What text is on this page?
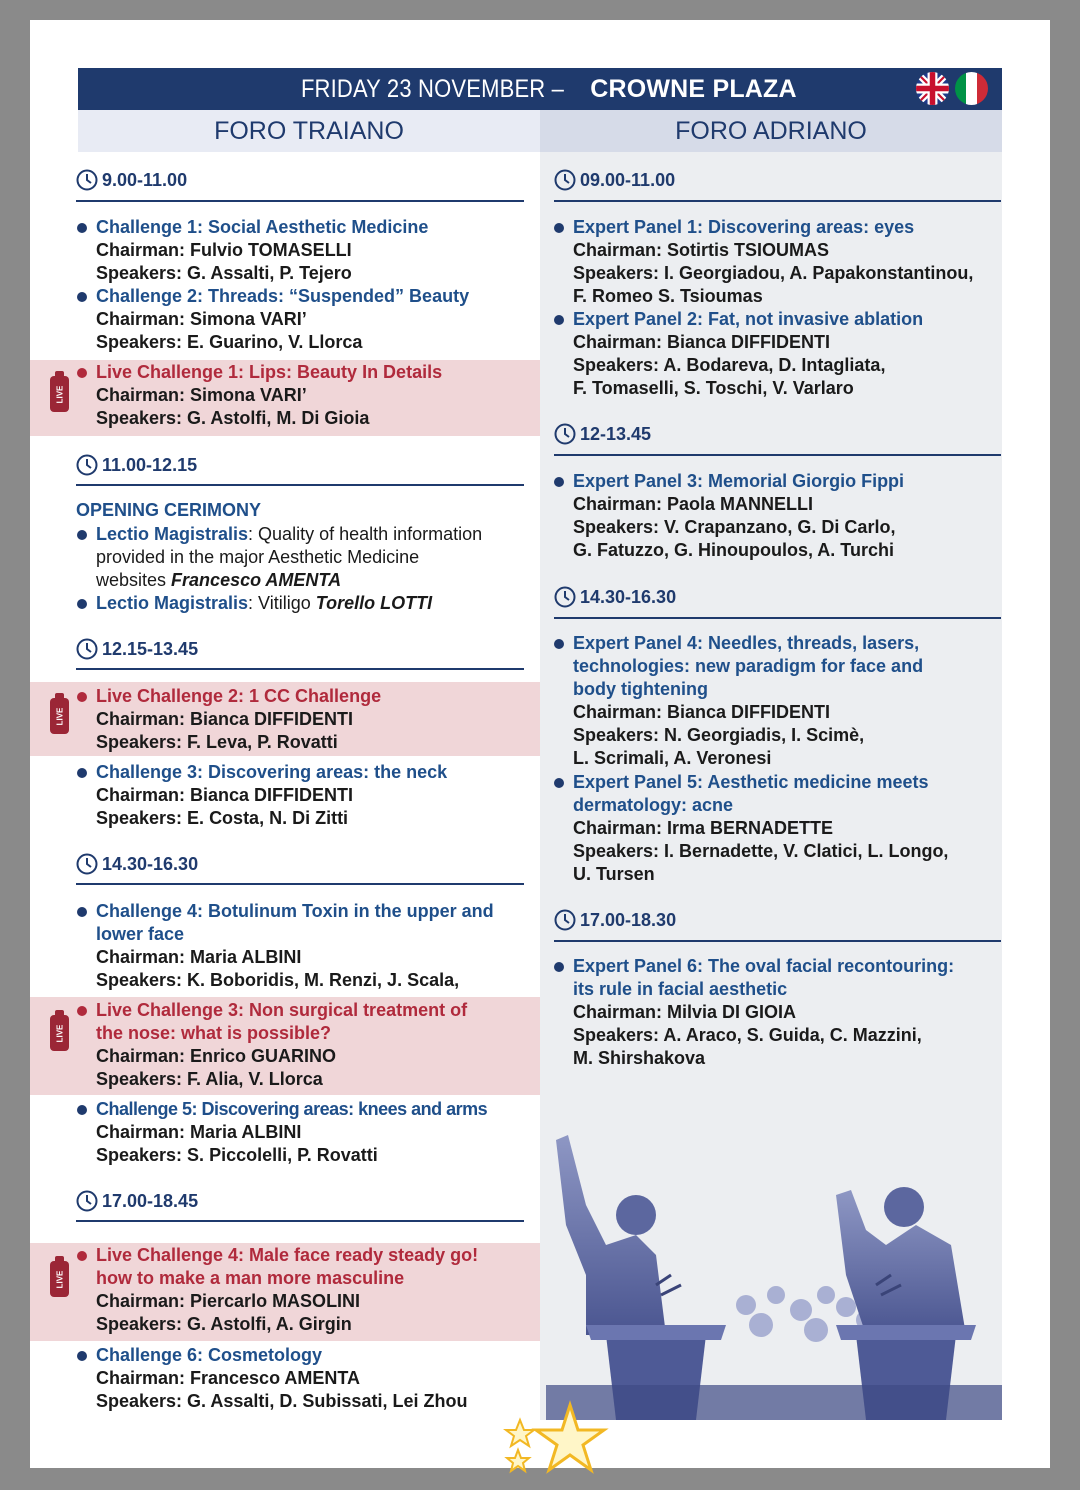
FRIDAY 23 NOVEMBER – CROWNE PLAZA
FORO TRAIANO	FORO ADRIANO
LIVE
LIVE
LIVE
LIVE
9.00-11.00
Challenge 1: Social Aesthetic Medicine
Chairman: Fulvio TOMASELLI
Speakers: G. Assalti, P. Tejero
Challenge 2: Threads: “Suspended” Beauty
Chairman: Simona VARI’
Speakers: E. Guarino, V. Llorca
Live Challenge 1: Lips: Beauty In Details
Chairman: Simona VARI’
Speakers: G. Astolfi, M. Di Gioia
11.00-12.15
OPENING CERIMONY
Lectio Magistralis: Quality of health information
provided in the major Aesthetic Medicine
websites Francesco AMENTA
Lectio Magistralis: Vitiligo Torello LOTTI
12.15-13.45
Live Challenge 2: 1 CC Challenge
Chairman: Bianca DIFFIDENTI
Speakers: F. Leva, P. Rovatti
Challenge 3: Discovering areas: the neck
Chairman: Bianca DIFFIDENTI
Speakers: E. Costa, N. Di Zitti
14.30-16.30
Challenge 4: Botulinum Toxin in the upper and
lower face
Chairman: Maria ALBINI
Speakers: K. Boboridis, M. Renzi, J. Scala,
Live Challenge 3: Non surgical treatment of
the nose: what is possible?
Chairman: Enrico GUARINO
Speakers: F. Alia, V. Llorca
Challenge 5: Discovering areas: knees and arms
Chairman: Maria ALBINI
Speakers: S. Piccolelli, P. Rovatti
17.00-18.45
Live Challenge 4: Male face ready steady go!
how to make a man more masculine
Chairman: Piercarlo MASOLINI
Speakers: G. Astolfi, A. Girgin
Challenge 6: Cosmetology
Chairman: Francesco AMENTA
Speakers: G. Assalti, D. Subissati, Lei Zhou
09.00-11.00
Expert Panel 1: Discovering areas: eyes
Chairman: Sotirtis TSIOUMAS
Speakers: I. Georgiadou, A. Papakonstantinou,
F. Romeo S. Tsioumas
Expert Panel 2: Fat, not invasive ablation
Chairman: Bianca DIFFIDENTI
Speakers: A. Bodareva, D. Intagliata,
F. Tomaselli, S. Toschi, V. Varlaro
12-13.45
Expert Panel 3: Memorial Giorgio Fippi
Chairman: Paola MANNELLI
Speakers: V. Crapanzano, G. Di Carlo,
G. Fatuzzo, G. Hinoupoulos, A. Turchi
14.30-16.30
Expert Panel 4: Needles, threads, lasers,
technologies: new paradigm for face and
body tightening
Chairman: Bianca DIFFIDENTI
Speakers: N. Georgiadis, I. Scimè,
L. Scrimali, A. Veronesi
Expert Panel 5: Aesthetic medicine meets
dermatology: acne
Chairman: Irma BERNADETTE
Speakers: I. Bernadette, V. Clatici, L. Longo,
U. Tursen
17.00-18.30
Expert Panel 6: The oval facial recontouring:
its rule in facial aesthetic
Chairman: Milvia DI GIOIA
Speakers: A. Araco, S. Guida, C. Mazzini,
M. Shirshakova
